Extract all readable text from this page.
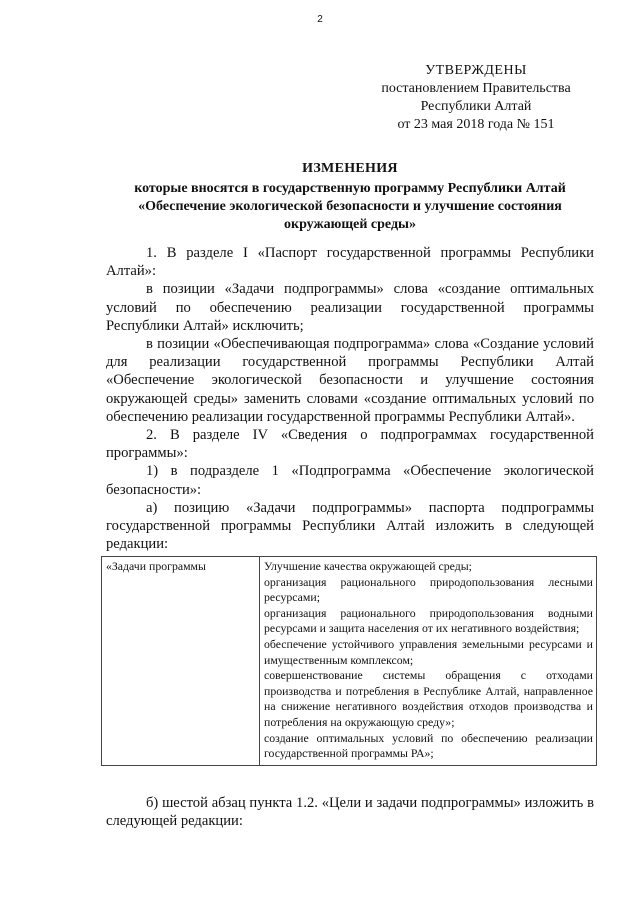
2
УТВЕРЖДЕНЫ
постановлением Правительства
Республики Алтай
от 23 мая 2018 года № 151
ИЗМЕНЕНИЯ
которые вносятся в государственную программу Республики Алтай «Обеспечение экологической безопасности и улучшение состояния окружающей среды»

1. В разделе I «Паспорт государственной программы Республики Алтай»:

в позиции «Задачи подпрограммы» слова «создание оптимальных условий по обеспечению реализации государственной программы Республики Алтай» исключить;

в позиции «Обеспечивающая подпрограмма» слова «Создание условий для реализации государственной программы Республики Алтай «Обеспечение экологической безопасности и улучшение состояния окружающей среды» заменить словами «создание оптимальных условий по обеспечению реализации государственной программы Республики Алтай».

2. В разделе IV «Сведения о подпрограммах государственной программы»:

1) в подразделе 1 «Подпрограмма «Обеспечение экологической безопасности»:

а) позицию «Задачи подпрограммы» паспорта подпрограммы государственной программы Республики Алтай изложить в следующей редакции:

«Задачи программы	Улучшение качества окружающей среды;
организация рационального природопользования лесными ресурсами;
организация рационального природопользования водными ресурсами и защита населения от их негативного воздействия;
обеспечение устойчивого управления земельными ресурсами и имущественным комплексом;
совершенствование системы обращения с отходами производства и потребления в Республике Алтай, направленное на снижение негативного воздействия отходов производства и потребления на окружающую среду»;
создание оптимальных условий по обеспечению реализации государственной программы РА»;

б) шестой абзац пункта 1.2. «Цели и задачи подпрограммы» изложить в следующей редакции:
